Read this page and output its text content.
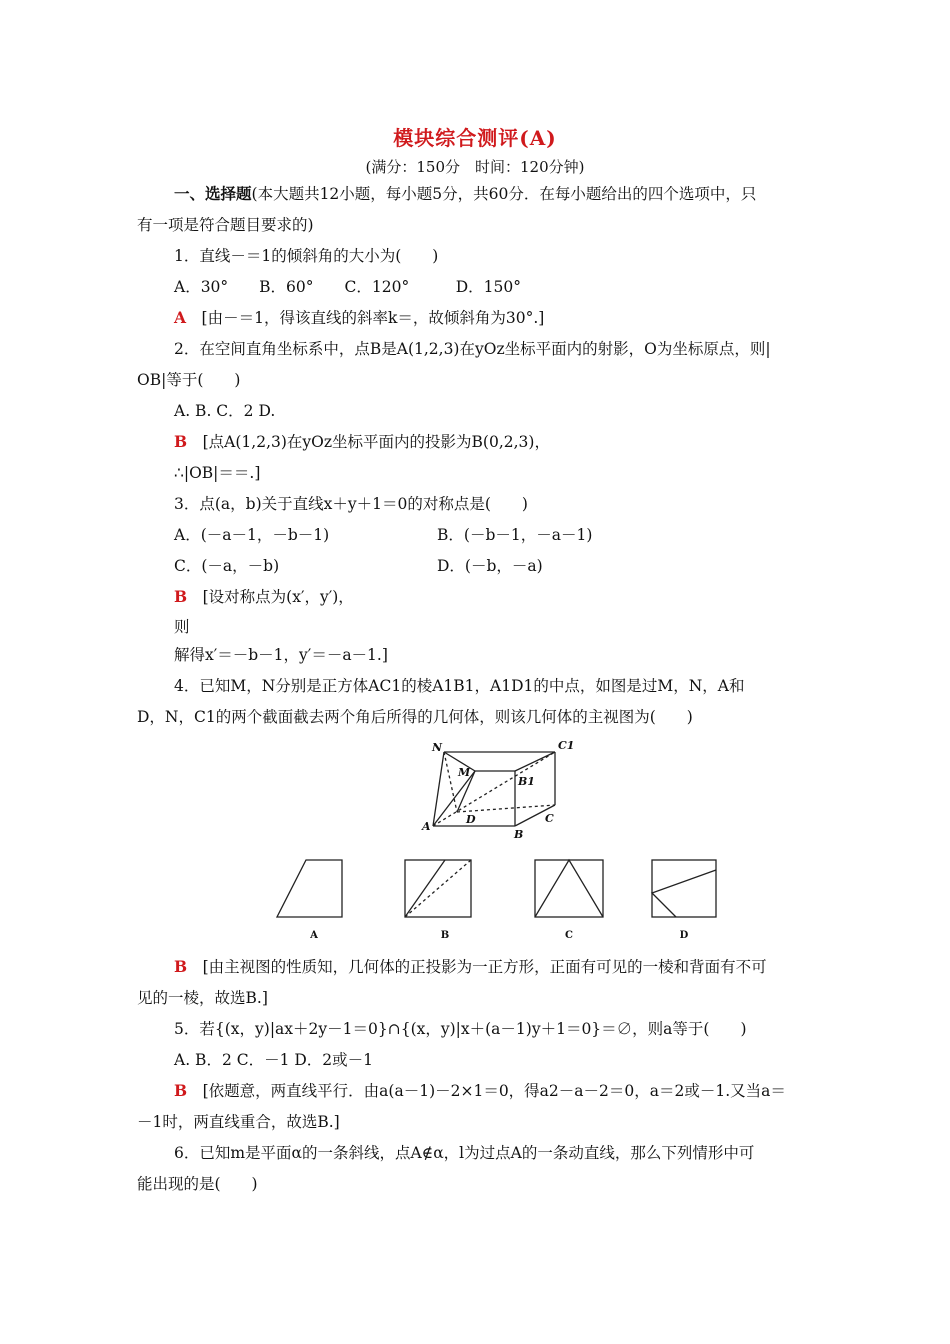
模块综合测评(A)
(满分：150分　时间：120分钟)
一、选择题(本大题共12小题，每小题5分，共60分．在每小题给出的四个选项中，只
有一项是符合题目要求的)
1．直线－＝1的倾斜角的大小为(　　)
A．30°　　B．60°　　C．120°　　　D．150°
A　 [由－＝1，得该直线的斜率k＝，故倾斜角为30°.]
2．在空间直角坐标系中，点B是A(1,2,3)在yOz坐标平面内的射影，O为坐标原点，则|
OB|等于(　　)
A. B. C．2 D.
B　 [点A(1,2,3)在yOz坐标平面内的投影为B(0,2,3)，
∴|OB|＝＝.]
3．点(a，b)关于直线x＋y＋1＝0的对称点是(　　)
A．(－a－1，－b－1)	B．(－b－1，－a－1)
C．(－a，－b)	D．(－b，－a)
B　 [设对称点为(x′，y′)，
则
解得x′＝－b－1，y′＝－a－1.]
4．已知M，N分别是正方体AC1的棱A1B1，A1D1的中点，如图是过M，N，A和
D，N，C1的两个截面截去两个角后所得的几何体，则该几何体的主视图为(　　)
N	C1
M
B1
D	C
A
B
A	B	C	D
B　 [由主视图的性质知，几何体的正投影为一正方形，正面有可见的一棱和背面有不可
见的一棱，故选B.]
5．若{(x，y)|ax＋2y－1＝0}∩{(x，y)|x＋(a－1)y＋1＝0}＝∅，则a等于(　　)
A. B．2 C．－1 D．2或－1
B　 [依题意，两直线平行．由a(a－1)－2×1＝0，得a2－a－2＝0，a＝2或－1.又当a＝
－1时，两直线重合，故选B.]
6．已知m是平面α的一条斜线，点A∉α，l为过点A的一条动直线，那么下列情形中可
能出现的是(　　)
